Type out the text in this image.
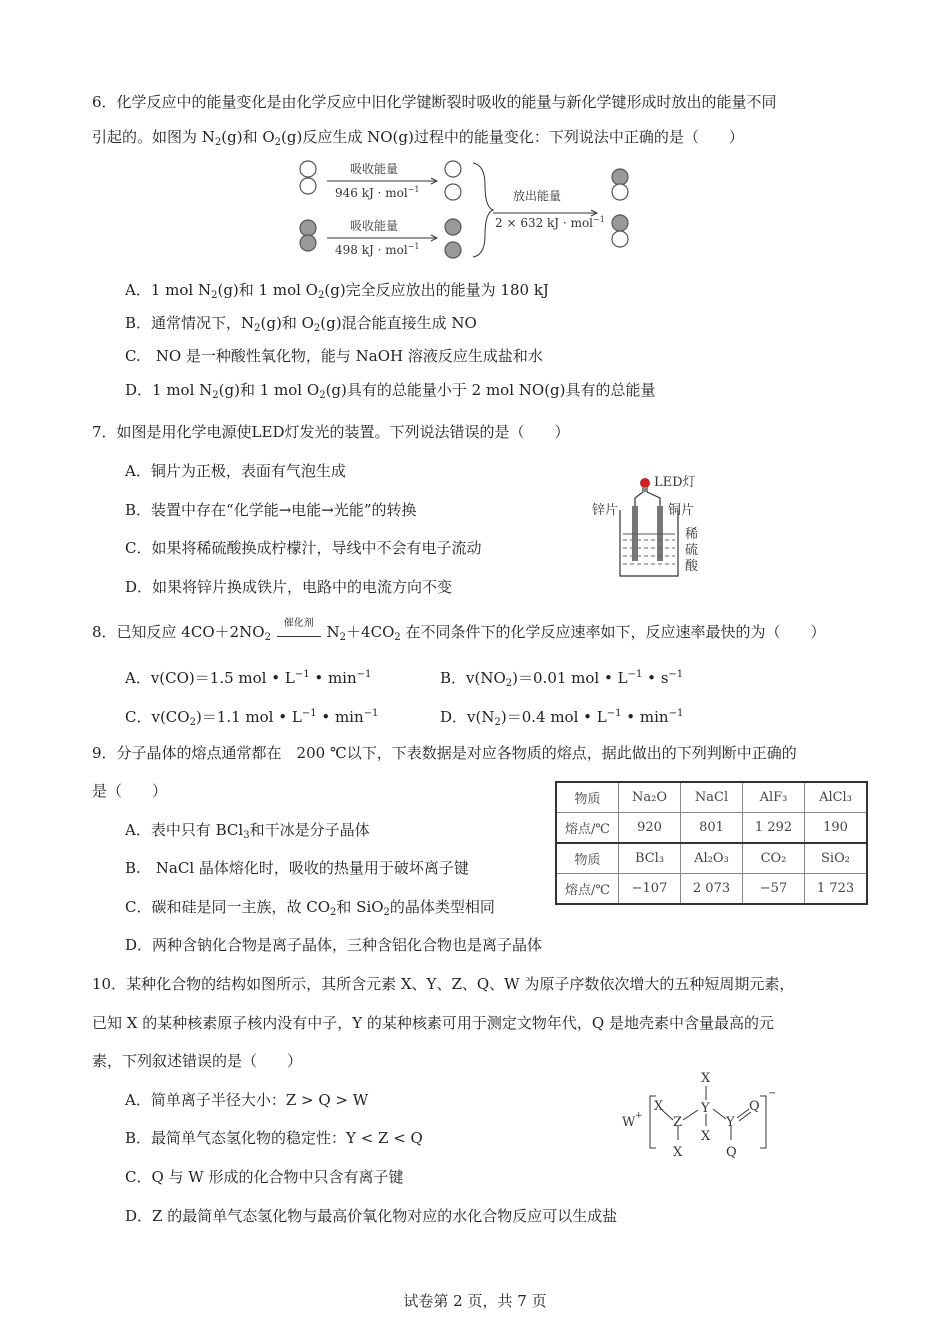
6．化学反应中的能量变化是由化学反应中旧化学键断裂时吸收的能量与新化学键形成时放出的能量不同
引起的。如图为 $N_2(g)$和 $O_2(g)$反应生成 NO(g)过程中的能量变化：下列说法中正确的是（　　）
吸收能量
946 kJ · mol$^{-1}$
吸收能量
498 kJ · mol$^{-1}$
放出能量
2 × 632 kJ · mol$^{-1}$
A．1 mol $N_2(g)$和 1 mol $O_2(g)$完全反应放出的能量为 180 kJ
B．通常情况下，$N_2(g)$和 $O_2(g)$混合能直接生成 NO
C.　NO 是一种酸性氧化物，能与 NaOH 溶液反应生成盐和水
D．1 mol $N_2(g)$和 1 mol $O_2(g)$具有的总能量小于 2 mol NO(g)具有的总能量
7．如图是用化学电源使LED灯发光的装置。下列说法错误的是（　　）
A．铜片为正极，表面有气泡生成
B．装置中存在“化学能→电能→光能”的转换
C．如果将稀硫酸换成柠檬汁，导线中不会有电子流动
D．如果将锌片换成铁片，电路中的电流方向不变
LED灯
锌片	铜片
稀
硫
酸
8．已知反应 $4CO+2NO_2$
催化剂 $N_2+4CO_2$ 在不同条件下的化学反应速率如下，反应速率最快的为（　　）
A．v(CO)＝1.5 mol • $L^{-1}$ • $\min^{-1}$	B．$v(NO_2)=0.01$ mol • $L^{-1}$ • $s^{-1}$
C．$v(CO_2)=1.1$ mol • $L^{-1}$ • $\min^{-1}$	D．$v(N_2)=0.4$ mol • $L^{-1}$ • $\min^{-1}$
9．分子晶体的熔点通常都在　200 ℃以下，下表数据是对应各物质的熔点，据此做出的下列判断中正确的
是（　　）
A．表中只有 BCl$_3$和干冰是分子晶体
B.　NaCl 晶体熔化时，吸收的热量用于破坏离子键
C．碳和硅是同一主族，故 $CO_2$和 SiO$_2$的晶体类型相同
D．两种含钠化合物是离子晶体，三种含铝化合物也是离子晶体
物质	Na₂O	NaCl	AlF₃	AlCl₃
熔点/℃	920	801	1 292	190
物质	BCl₃	Al₂O₃	CO₂	SiO₂
熔点/℃	−107	2 073	−57	1 723
10．某种化合物的结构如图所示，其所含元素 X、Y、Z、Q、W 为原子序数依次增大的五种短周期元素，
已知 X 的某种核素原子核内没有中子，Y 的某种核素可用于测定文物年代，Q 是地壳素中含量最高的元
素，下列叙述错误的是（　　）
A．简单离子半径大小：Z > Q > W
B．最简单气态氢化物的稳定性：Y < Z < Q
C．Q 与 W 形成的化合物中只含有离子键
D．Z 的最简单气态氢化物与最高价氧化物对应的水化合物反应可以生成盐
W +
X
X
Z
Y
X
X
Y
Q
Q
−
试卷第 2 页，共 7 页
